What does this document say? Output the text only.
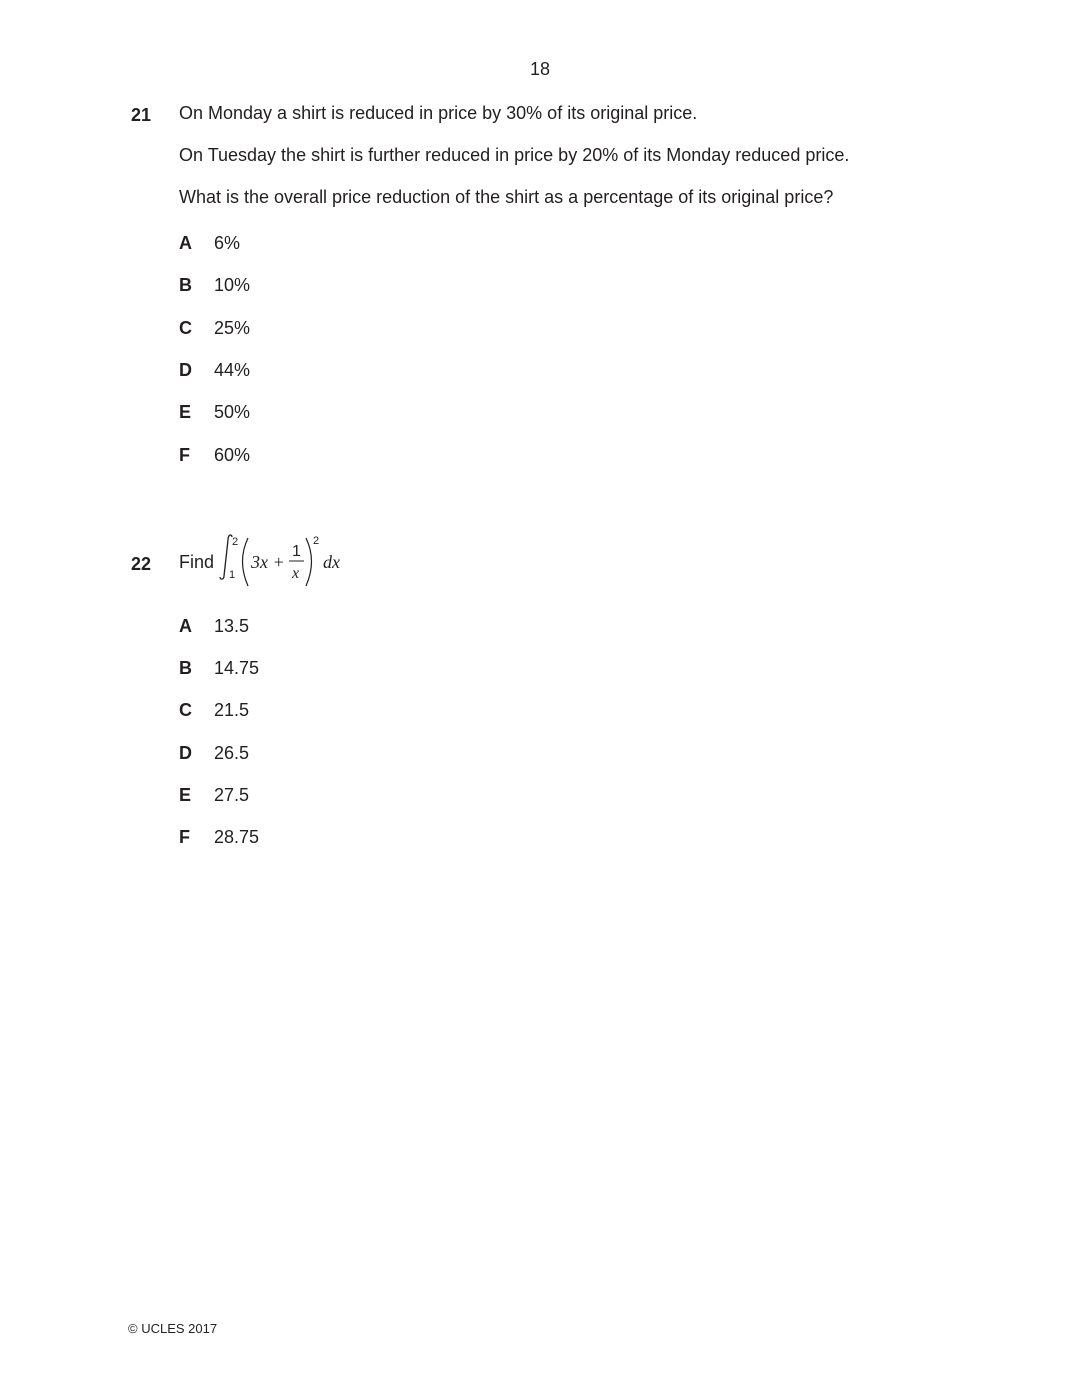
18
21 On Monday a shirt is reduced in price by 30% of its original price.
On Tuesday the shirt is further reduced in price by 20% of its Monday reduced price.
What is the overall price reduction of the shirt as a percentage of its original price?
A 6%
B 10%
C 25%
D 44%
E 50%
F 60%
22 Find
2
1
3x +
1
x
2
dx
A 13.5
B 14.75
C 21.5
D 26.5
E 27.5
F 28.75
© UCLES 2017
